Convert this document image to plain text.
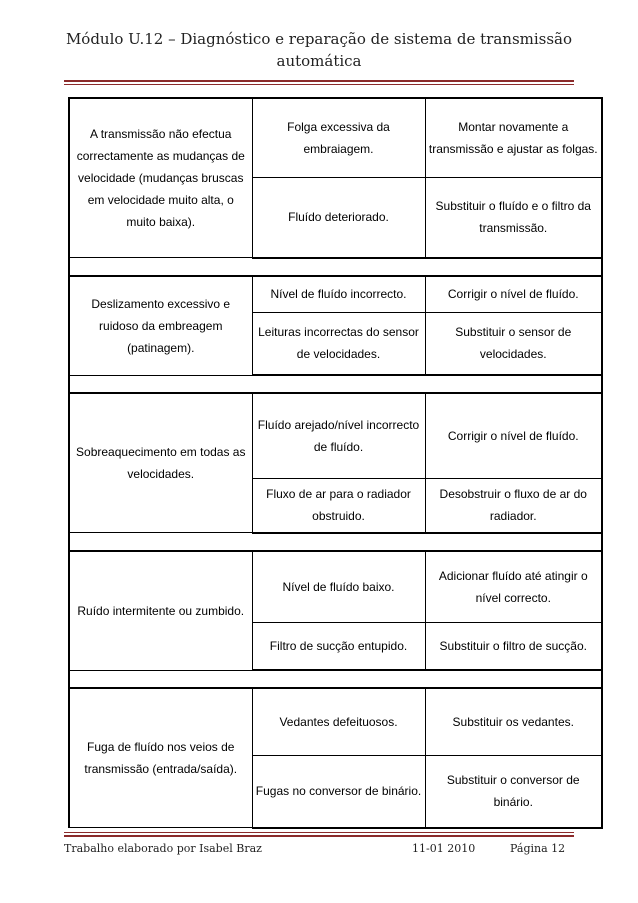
Módulo U.12 – Diagnóstico e reparação de sistema de transmissão
automática
A transmissão não efectua correctamente as mudanças de velocidade (mudanças bruscas em velocidade muito alta, o muito baixa).	Folga excessiva da embraiagem.	Montar novamente a transmissão e ajustar as folgas.
	Fluído deteriorado.	Substituir o fluído e o filtro da transmissão.

Deslizamento excessivo e ruidoso da embreagem (patinagem).	Nível de fluído incorrecto.	Corrigir o nível de fluído.
	Leituras incorrectas do sensor de velocidades.	Substituir o sensor de velocidades.

Sobreaquecimento em todas as velocidades.	Fluído arejado/nível incorrecto de fluído.	Corrigir o nível de fluído.
	Fluxo de ar para o radiador obstruido.	Desobstruir o fluxo de ar do radiador.

Ruído intermitente ou zumbido.	Nível de fluído baixo.	Adicionar fluído até atingir o nível correcto.
	Filtro de sucção entupido.	Substituir o filtro de sucção.

Fuga de fluído nos veios de transmissão (entrada/saída).	Vedantes defeituosos.	Substituir os vedantes.
	Fugas no conversor de binário.	Substituir o conversor de binário.
Trabalho elaborado por Isabel Braz	11-01 2010	Página 12
